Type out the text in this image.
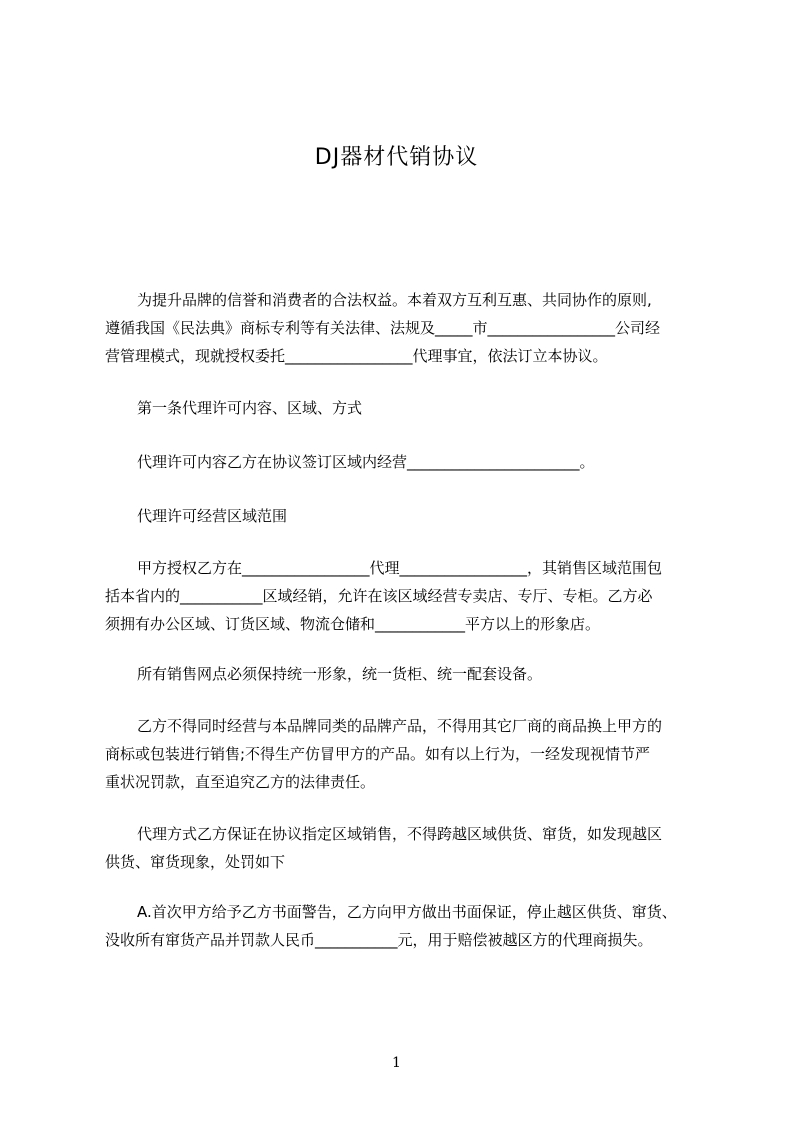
DJ器材代销协议
为提升品牌的信誉和消费者的合法权益。本着双方互利互惠、共同协作的原则,
遵循我国《民法典》商标专利等有关法律、法规及_____市_________________公司经
营管理模式，现就授权委托_________________代理事宜，依法订立本协议。
第一条代理许可内容、区域、方式
代理许可内容乙方在协议签订区域内经营_______________________。
代理许可经营区域范围
甲方授权乙方在_________________代理_________________，其销售区域范围包
括本省内的___________区域经销，允许在该区域经营专卖店、专厅、专柜。乙方必
须拥有办公区域、订货区域、物流仓储和____________平方以上的形象店。
所有销售网点必须保持统一形象，统一货柜、统一配套设备。
乙方不得同时经营与本品牌同类的品牌产品，不得用其它厂商的商品换上甲方的
商标或包装进行销售;不得生产仿冒甲方的产品。如有以上行为，一经发现视情节严
重状况罚款，直至追究乙方的法律责任。
代理方式乙方保证在协议指定区域销售，不得跨越区域供货、窜货，如发现越区
供货、窜货现象，处罚如下
A.首次甲方给予乙方书面警告，乙方向甲方做出书面保证，停止越区供货、窜货、
没收所有窜货产品并罚款人民币___________元，用于赔偿被越区方的代理商损失。
1
